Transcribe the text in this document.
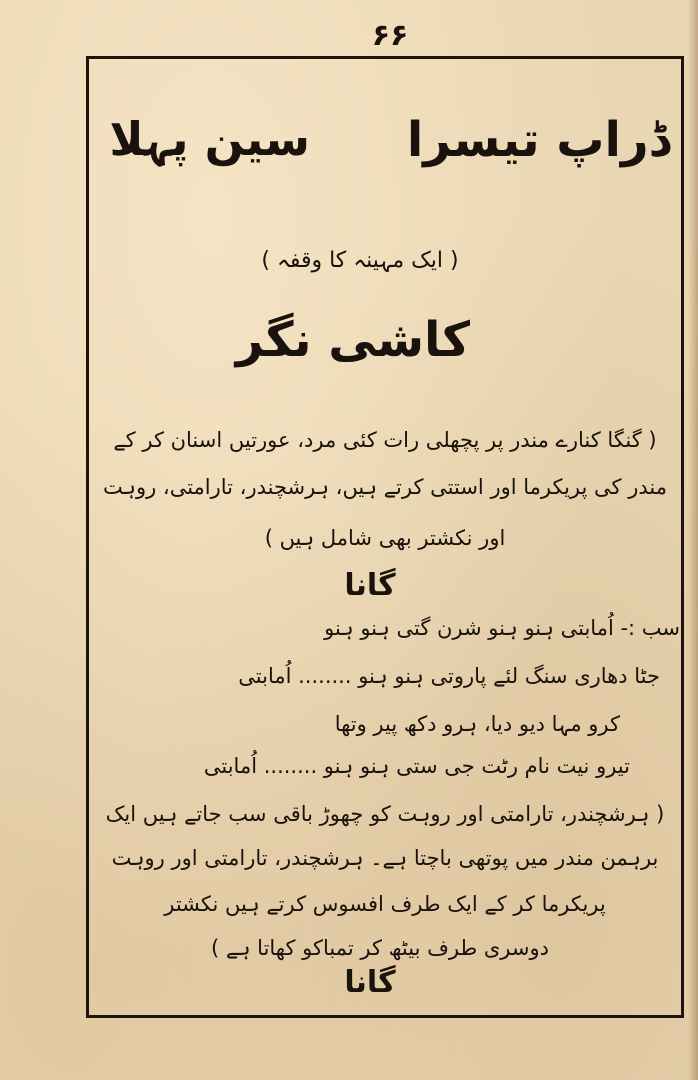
۶۶
ڈراپ تیسرا
سین پہلا
( ایک مہینہ کا وقفہ )
کاشی نگر
( گنگا کنارے مندر پر پچھلی رات کئی مرد، عورتیں اسنان کر کے
مندر کی پریکرما اور استتی کرتے ہیں، ہرشچندر، تارامتی، روہت
اور نکشتر بھی شامل ہیں )
گانا
سب :- اُمابتی ہنو ہنو شرن گتی ہنو ہنو
جٹا دھاری سنگ لئے پاروتی ہنو ہنو ........ اُمابتی
کرو مہا دیو دیا، ہرو دکھ پیر وتھا
تیرو نیت نام رٹت جی ستی ہنو ہنو ........ اُمابتی
( ہرشچندر، تارامتی اور روہت کو چھوڑ باقی سب جاتے ہیں ایک
برہمن مندر میں پوتھی باچتا ہے۔ ہرشچندر، تارامتی اور روہت
پریکرما کر کے ایک طرف افسوس کرتے ہیں نکشتر
دوسری طرف بیٹھ کر تمباکو کھاتا ہے )
گانا
